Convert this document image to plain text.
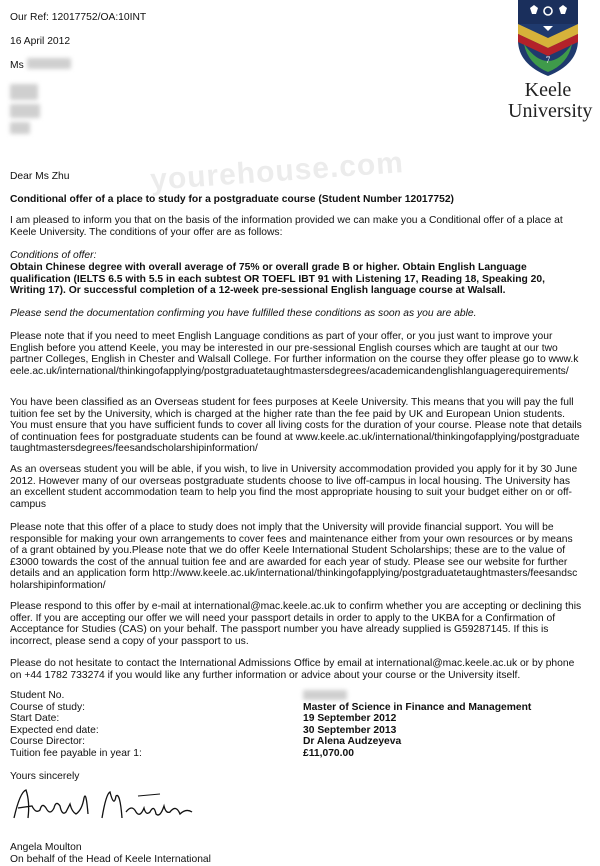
Our Ref: 12017752/OA:10INT
16 April 2012
Ms	7
Keele
University
yourehouse.com

Dear Ms Zhu

Conditional offer of a place to study for a postgraduate course (Student Number 12017752)

I am pleased to inform you that on the basis of the information provided we can make you a Conditional offer of a place at Keele University. The conditions of your offer are as follows:

Conditions of offer:

Obtain Chinese degree with overall average of 75% or overall grade B or higher. Obtain English Language qualification (IELTS 6.5 with 5.5 in each subtest OR TOEFL IBT 91 with Listening 17, Reading 18, Speaking 20, Writing 17). Or successful completion of a 12-week pre-sessional English language course at Walsall.

Please send the documentation confirming you have fulfilled these conditions as soon as you are able.

Please note that if you need to meet English Language conditions as part of your offer, or you just want to improve your English before you attend Keele, you may be interested in our pre-sessional English courses which are taught at our two partner Colleges, English in Chester and Walsall College. For further information on the course they offer please go to www.keele.ac.uk/international/thinkingofapplying/postgraduatetaughtmastersdegrees/academicandenglishlanguagerequirements/
You have been classified as an Overseas student for fees purposes at Keele University. This means that you will pay the full tuition fee set by the University, which is charged at the higher rate than the fee paid by UK and European Union students. You must ensure that you have sufficient funds to cover all living costs for the duration of your course. Please note that details of continuation fees for postgraduate students can be found at www.keele.ac.uk/international/thinkingofapplying/postgraduatetaughtmastersdegrees/feesandscholarshipinformation/

As an overseas student you will be able, if you wish, to live in University accommodation provided you apply for it by 30 June 2012. However many of our overseas postgraduate students choose to live off-campus in local housing. The University has an excellent student accommodation team to help you find the most appropriate housing to suit your budget either on or off-campus

Please note that this offer of a place to study does not imply that the University will provide financial support. You will be responsible for making your own arrangements to cover fees and maintenance either from your own resources or by means of a grant obtained by you.Please note that we do offer Keele International Student Scholarships; these are to the value of £3000 towards the cost of the annual tuition fee and are awarded for each year of study. Please see our website for further details and an application form http://www.keele.ac.uk/international/thinkingofapplying/postgraduatetaughtmasters/feesandscholarshipinformation/

Please respond to this offer by e-mail at international@mac.keele.ac.uk to confirm whether you are accepting or declining this offer. If you are accepting our offer we will need your passport details in order to apply to the UKBA for a Confirmation of Acceptance for Studies (CAS) on your behalf. The passport number you have already supplied is G59287145. If this is incorrect, please send a copy of your passport to us.

Please do not hesitate to contact the International Admissions Office by email at international@mac.keele.ac.uk or by phone on +44 1782 733274 if you would like any further information or advice about your course or the University itself.

Student No.
Course of study:	Master of Science in Finance and Management
Start Date:	19 September 2012
Expected end date:	30 September 2013
Course Director:	Dr Alena Audzeyeva
Tuition fee payable in year 1:	£11,070.00
Yours sincerely
Angela Moulton
On behalf of the Head of Keele International
